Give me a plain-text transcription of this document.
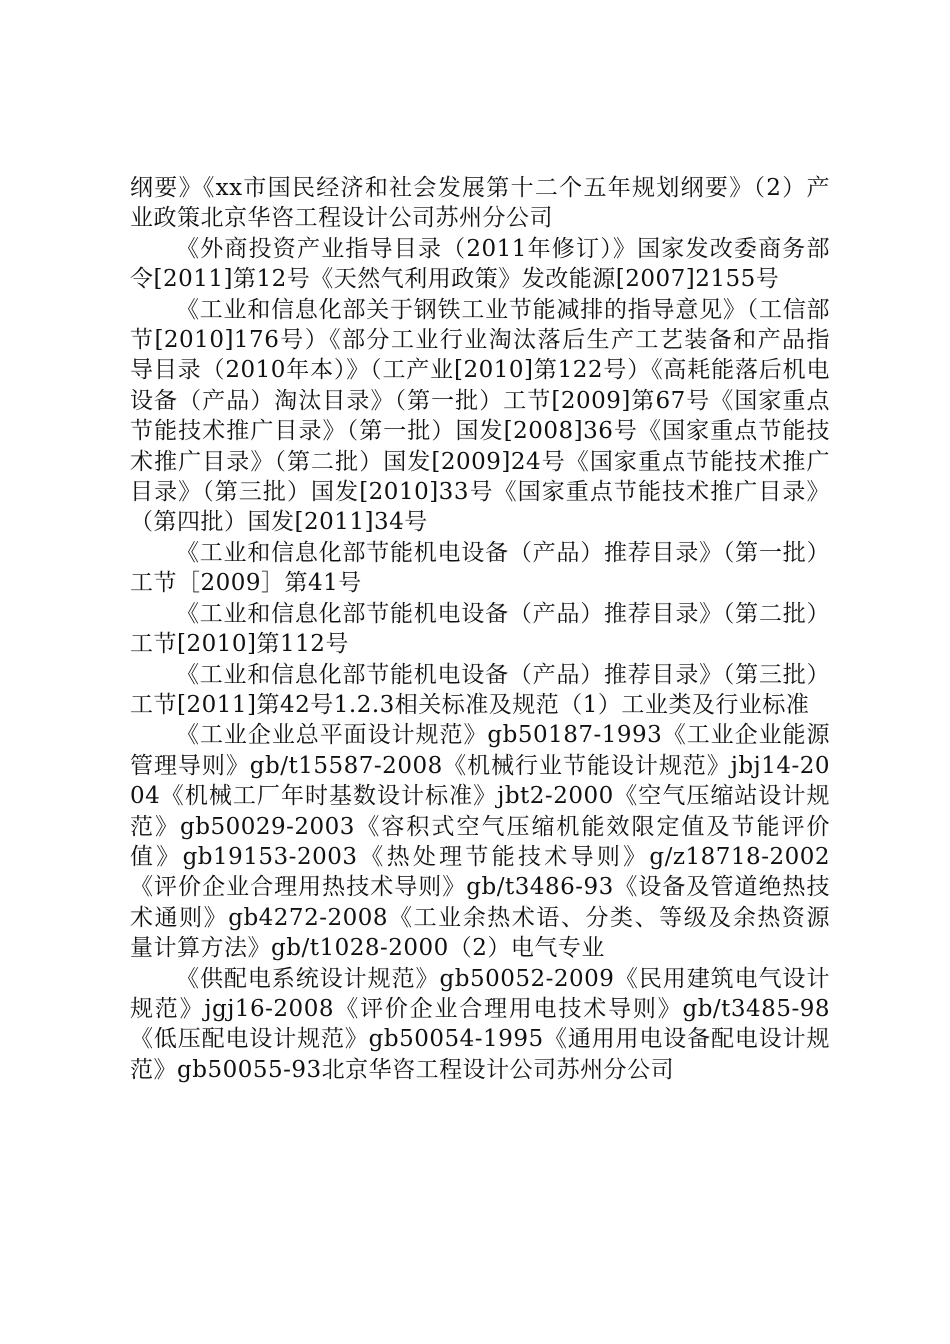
纲要》《xx市国民经济和社会发展第十二个五年规划纲要》（2）产业政策北京华咨工程设计公司苏州分公司

《外商投资产业指导目录（2011年修订）》国家发改委商务部令[2011]第12号《天然气利用政策》发改能源[2007]2155号

《工业和信息化部关于钢铁工业节能减排的指导意见》（工信部节[2010]176号）《部分工业行业淘汰落后生产工艺装备和产品指导目录（2010年本）》（工产业[2010]第122号）《高耗能落后机电设备（产品）淘汰目录》（第一批）工节[2009]第67号《国家重点节能技术推广目录》（第一批）国发[2008]36号《国家重点节能技术推广目录》（第二批）国发[2009]24号《国家重点节能技术推广目录》（第三批）国发[2010]33号《国家重点节能技术推广目录》（第四批）国发[2011]34号

《工业和信息化部节能机电设备（产品）推荐目录》（第一批）工节［2009］第41号

《工业和信息化部节能机电设备（产品）推荐目录》（第二批）工节[2010]第112号

《工业和信息化部节能机电设备（产品）推荐目录》（第三批）工节[2011]第42号1.2.3相关标准及规范（1）工业类及行业标准

《工业企业总平面设计规范》gb50187-1993《工业企业能源管理导则》gb/t15587-2008《机械行业节能设计规范》jbj14-2004《机械工厂年时基数设计标准》jbt2-2000《空气压缩站设计规范》gb50029-2003《容积式空气压缩机能效限定值及节能评价值》gb19153-2003《热处理节能技术导则》g/z18718-2002《评价企业合理用热技术导则》gb/t3486-93《设备及管道绝热技术通则》gb4272-2008《工业余热术语、分类、等级及余热资源量计算方法》gb/t1028-2000（2）电气专业

《供配电系统设计规范》gb50052-2009《民用建筑电气设计规范》jgj16-2008《评价企业合理用电技术导则》gb/t3485-98《低压配电设计规范》gb50054-1995《通用用电设备配电设计规范》gb50055-93北京华咨工程设计公司苏州分公司
